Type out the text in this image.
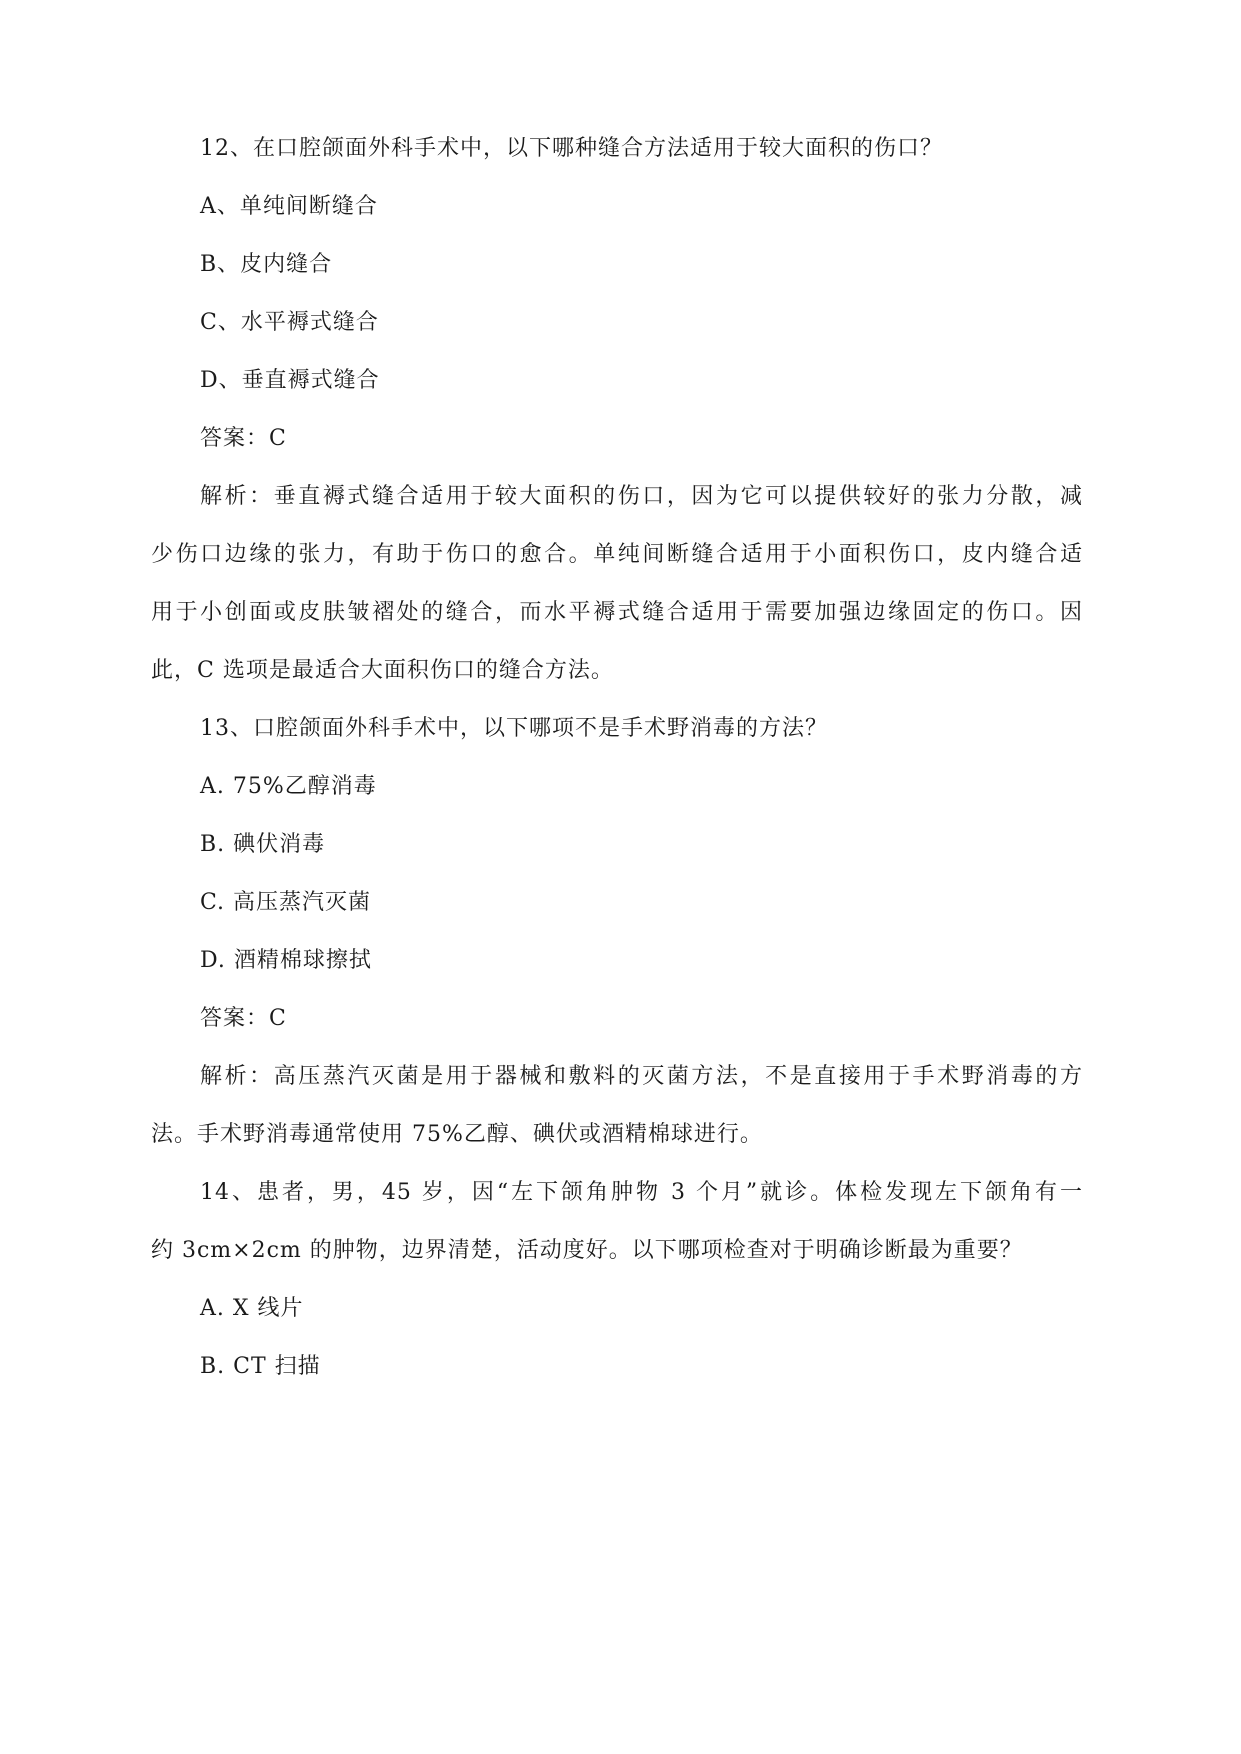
12、在口腔颌面外科手术中，以下哪种缝合方法适用于较大面积的伤口？
A、单纯间断缝合
B、皮内缝合
C、水平褥式缝合
D、垂直褥式缝合
答案：C
解析：垂直褥式缝合适用于较大面积的伤口，因为它可以提供较好的张力分散，减
少伤口边缘的张力，有助于伤口的愈合。单纯间断缝合适用于小面积伤口，皮内缝合适
用于小创面或皮肤皱褶处的缝合，而水平褥式缝合适用于需要加强边缘固定的伤口。因
此，C 选项是最适合大面积伤口的缝合方法。
13、口腔颌面外科手术中，以下哪项不是手术野消毒的方法？
A. 75%乙醇消毒
B. 碘伏消毒
C. 高压蒸汽灭菌
D. 酒精棉球擦拭
答案：C
解析：高压蒸汽灭菌是用于器械和敷料的灭菌方法，不是直接用于手术野消毒的方
法。手术野消毒通常使用 75%乙醇、碘伏或酒精棉球进行。
14、患者，男，45 岁，因“左下颌角肿物 3 个月”就诊。体检发现左下颌角有一
约 3cm×2cm 的肿物，边界清楚，活动度好。以下哪项检查对于明确诊断最为重要？
A. X 线片
B. CT 扫描
